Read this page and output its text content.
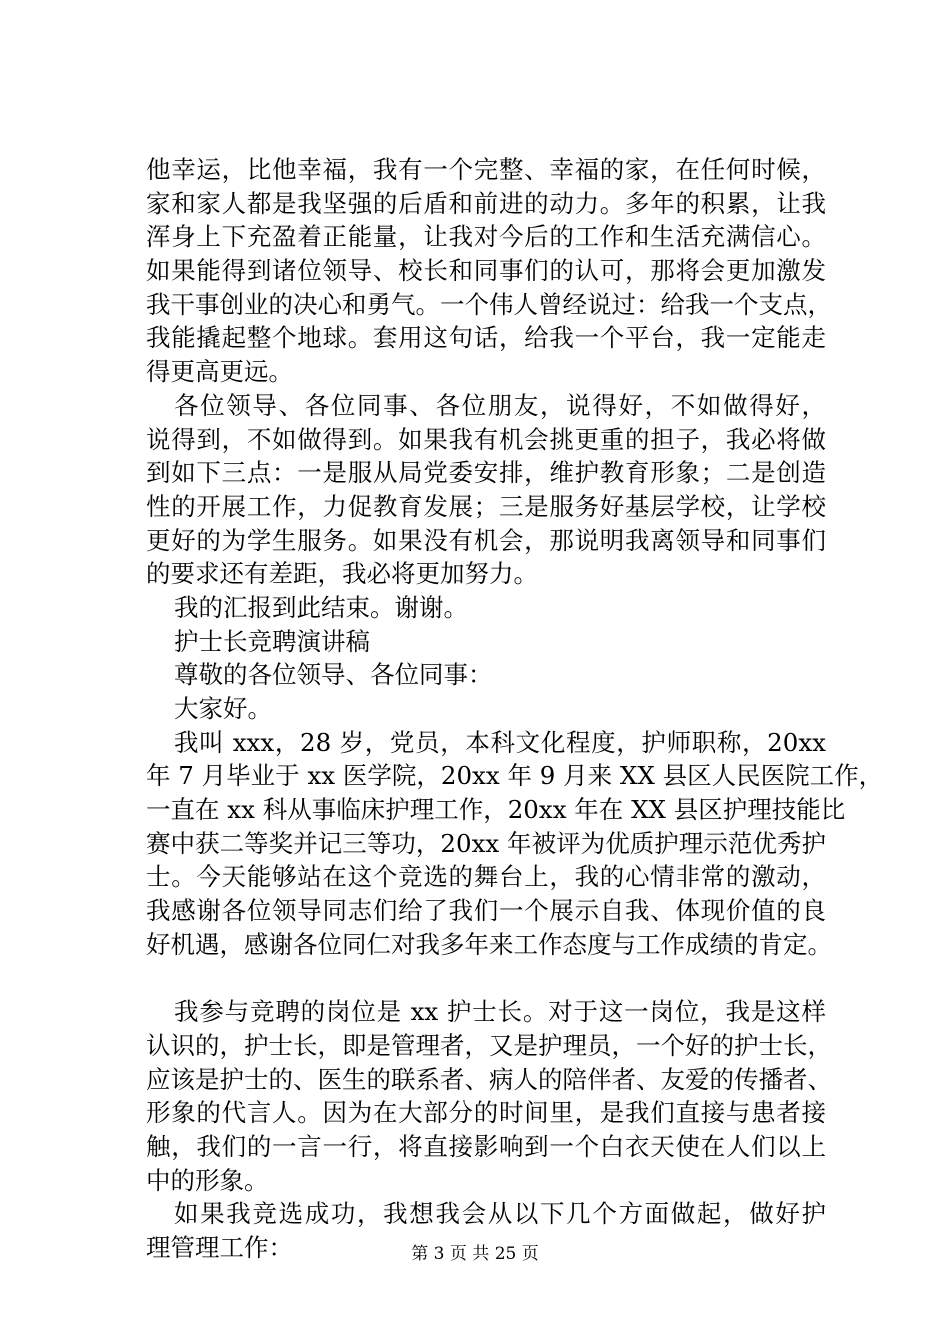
他幸运，比他幸福，我有一个完整、幸福的家，在任何时候，
家和家人都是我坚强的后盾和前进的动力。多年的积累，让我
浑身上下充盈着正能量，让我对今后的工作和生活充满信心。
如果能得到诸位领导、校长和同事们的认可，那将会更加激发
我干事创业的决心和勇气。一个伟人曾经说过：给我一个支点，
我能撬起整个地球。套用这句话，给我一个平台，我一定能走
得更高更远。
各位领导、各位同事、各位朋友，说得好，不如做得好，
说得到，不如做得到。如果我有机会挑更重的担子，我必将做
到如下三点：一是服从局党委安排，维护教育形象；二是创造
性的开展工作，力促教育发展；三是服务好基层学校，让学校
更好的为学生服务。如果没有机会，那说明我离领导和同事们
的要求还有差距，我必将更加努力。
我的汇报到此结束。谢谢。
护士长竞聘演讲稿
尊敬的各位领导、各位同事：
大家好。
我叫 xxx，28 岁，党员，本科文化程度，护师职称，20xx
年 7 月毕业于 xx 医学院，20xx 年 9 月来 XX 县区人民医院工作，
一直在 xx 科从事临床护理工作，20xx 年在 XX 县区护理技能比
赛中获二等奖并记三等功，20xx 年被评为优质护理示范优秀护
士。今天能够站在这个竞选的舞台上，我的心情非常的激动，
我感谢各位领导同志们给了我们一个展示自我、体现价值的良
好机遇，感谢各位同仁对我多年来工作态度与工作成绩的肯定。
我参与竞聘的岗位是 xx 护士长。对于这一岗位，我是这样
认识的，护士长，即是管理者，又是护理员，一个好的护士长，
应该是护士的、医生的联系者、病人的陪伴者、友爱的传播者、
形象的代言人。因为在大部分的时间里，是我们直接与患者接
触，我们的一言一行，将直接影响到一个白衣天使在人们以上
中的形象。
如果我竞选成功，我想我会从以下几个方面做起，做好护
理管理工作：	第 3 页 共 25 页
